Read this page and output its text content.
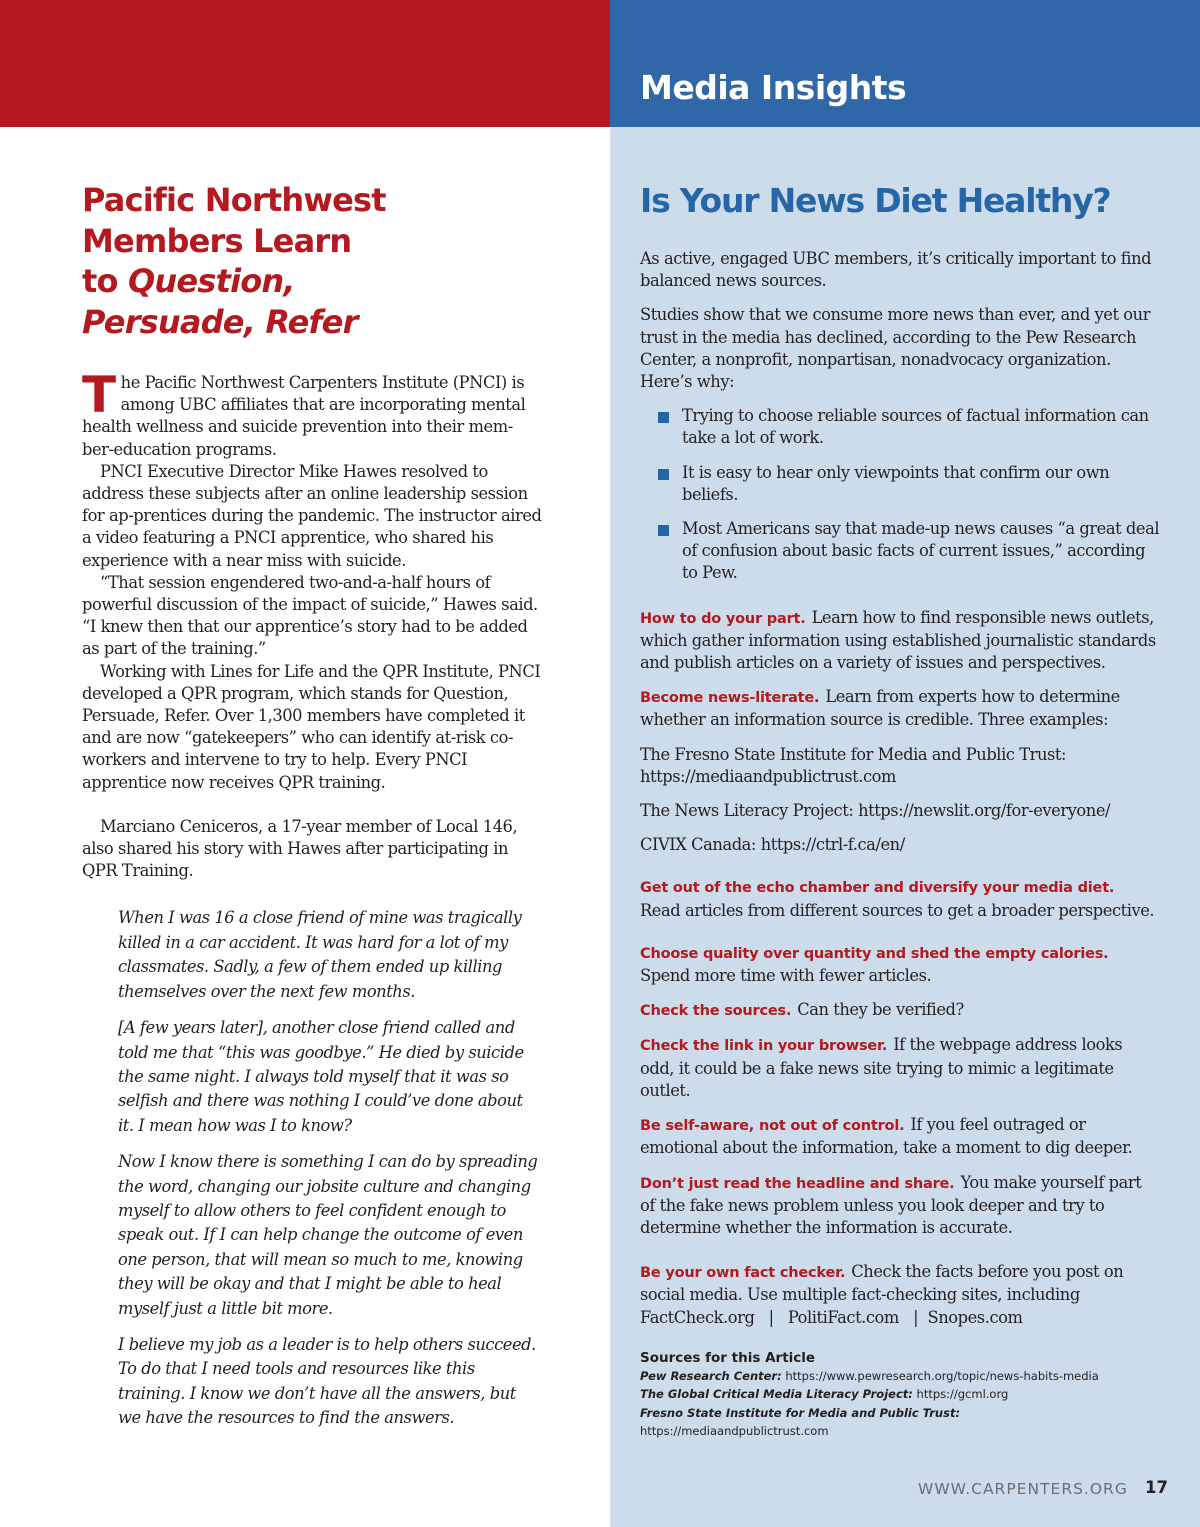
Media Insights
Pacific Northwest
Members Learn
to Question,
Persuade, Refer

The Pacific Northwest Carpenters Institute (PNCI) is among UBC affiliates that are incorporating mental health wellness and suicide prevention into their mem-ber-education programs.

PNCI Executive Director Mike Hawes resolved to address these subjects after an online leadership session for ap-prentices during the pandemic. The instructor aired a video featuring a PNCI apprentice, who shared his experience with a near miss with suicide.

“That session engendered two-and-a-half hours of powerful discussion of the impact of suicide,” Hawes said. “I knew then that our apprentice’s story had to be added as part of the training.”

Working with Lines for Life and the QPR Institute, PNCI developed a QPR program, which stands for Question, Persuade, Refer. Over 1,300 members have completed it and are now “gatekeepers” who can identify at-risk co-workers and intervene to try to help. Every PNCI apprentice now receives QPR training.

Marciano Ceniceros, a 17-year member of Local 146, also shared his story with Hawes after participating in QPR Training.

When I was 16 a close friend of mine was tragically killed in a car accident. It was hard for a lot of my classmates. Sadly, a few of them ended up killing themselves over the next few months.

[A few years later], another close friend called and told me that “this was goodbye.” He died by suicide the same night. I always told myself that it was so selfish and there was nothing I could’ve done about it. I mean how was I to know?

Now I know there is something I can do by spreading the word, changing our jobsite culture and changing myself to allow others to feel confident enough to speak out. If I can help change the outcome of even one person, that will mean so much to me, knowing they will be okay and that I might be able to heal myself just a little bit more.

I believe my job as a leader is to help others succeed. To do that I need tools and resources like this training. I know we don’t have all the answers, but we have the resources to find the answers.

Is Your News Diet Healthy?

As active, engaged UBC members, it’s critically important to find balanced news sources.

Studies show that we consume more news than ever, and yet our trust in the media has declined, according to the Pew Research Center, a nonprofit, nonpartisan, nonadvocacy organization. Here’s why:

Trying to choose reliable sources of factual information can take a lot of work.
It is easy to hear only viewpoints that confirm our own beliefs.
Most Americans say that made-up news causes “a great deal of confusion about basic facts of current issues,” according to Pew.

How to do your part. Learn how to find responsible news outlets, which gather information using established journalistic standards and publish articles on a variety of issues and perspectives.

Become news-literate. Learn from experts how to determine whether an information source is credible. Three examples:

The Fresno State Institute for Media and Public Trust: https://mediaandpublictrust.com

The News Literacy Project: https://newslit.org/for-everyone/

CIVIX Canada: https://ctrl-f.ca/en/

Get out of the echo chamber and diversify your media diet.
Read articles from different sources to get a broader perspective.

Choose quality over quantity and shed the empty calories.
Spend more time with fewer articles.

Check the sources. Can they be verified?

Check the link in your browser. If the webpage address looks odd, it could be a fake news site trying to mimic a legitimate outlet.

Be self-aware, not out of control. If you feel outraged or emotional about the information, take a moment to dig deeper.

Don’t just read the headline and share. You make yourself part of the fake news problem unless you look deeper and try to determine whether the information is accurate.

Be your own fact checker. Check the facts before you post on social media. Use multiple fact-checking sites, including
FactCheck.org   |   PolitiFact.com   |  Snopes.com

Sources for this Article

Pew Research Center: https://www.pewresearch.org/topic/news-habits-media

The Global Critical Media Literacy Project: https://gcml.org

Fresno State Institute for Media and Public Trust:

https://mediaandpublictrust.com

WWW.CARPENTERS.ORG 17
